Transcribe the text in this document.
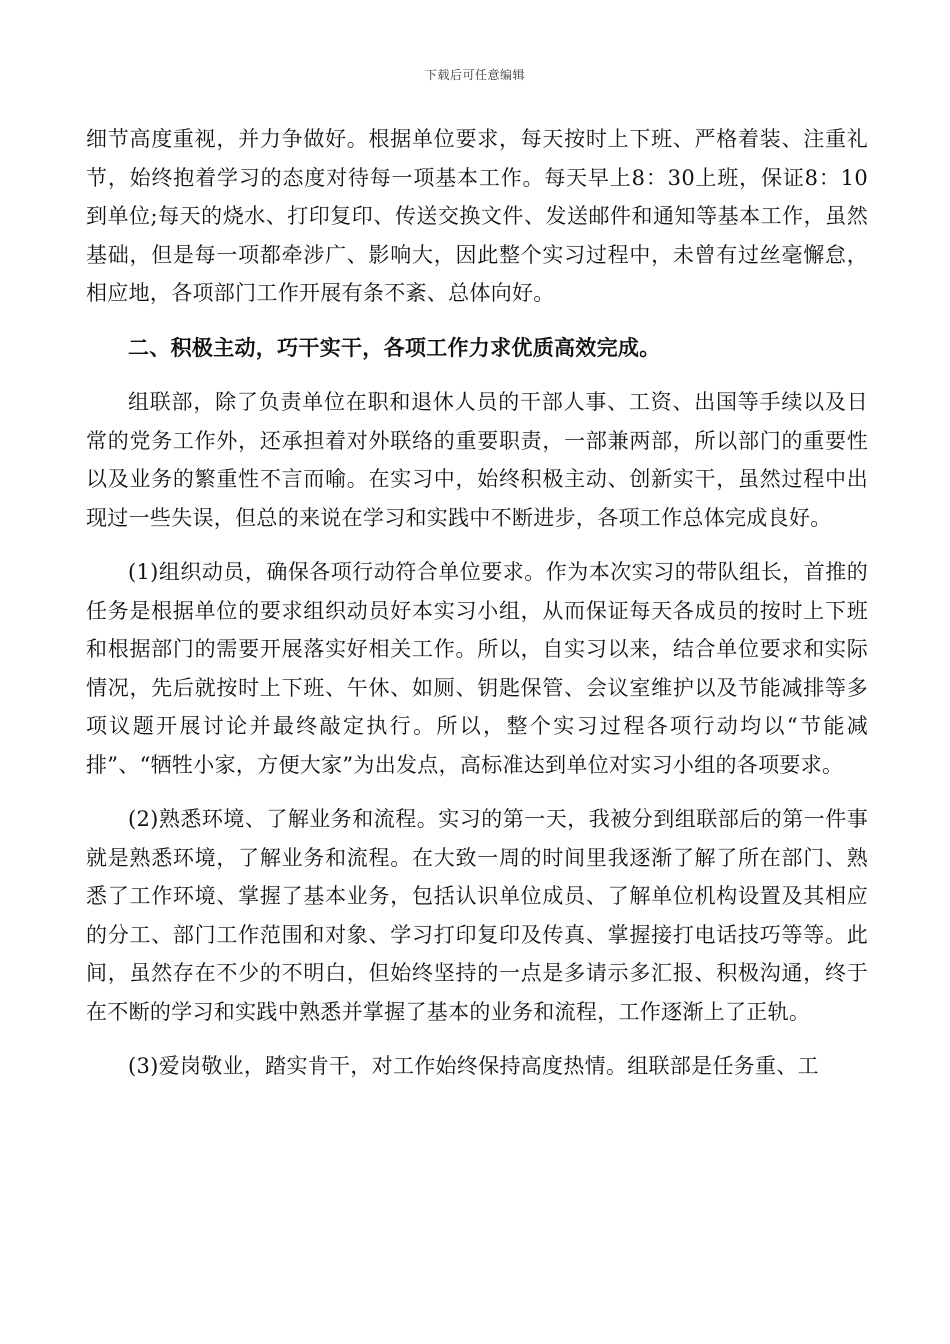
下载后可任意编辑

细节高度重视，并力争做好。根据单位要求，每天按时上下班、严格着装、注重礼节，始终抱着学习的态度对待每一项基本工作。每天早上8：30上班，保证8：10到单位;每天的烧水、打印复印、传送交换文件、发送邮件和通知等基本工作，虽然基础，但是每一项都牵涉广、影响大，因此整个实习过程中，未曾有过丝毫懈怠，相应地，各项部门工作开展有条不紊、总体向好。

二、积极主动，巧干实干，各项工作力求优质高效完成。

组联部，除了负责单位在职和退休人员的干部人事、工资、出国等手续以及日常的党务工作外，还承担着对外联络的重要职责，一部兼两部，所以部门的重要性以及业务的繁重性不言而喻。在实习中，始终积极主动、创新实干，虽然过程中出现过一些失误，但总的来说在学习和实践中不断进步，各项工作总体完成良好。

(1)组织动员，确保各项行动符合单位要求。作为本次实习的带队组长，首推的任务是根据单位的要求组织动员好本实习小组，从而保证每天各成员的按时上下班和根据部门的需要开展落实好相关工作。所以，自实习以来，结合单位要求和实际情况，先后就按时上下班、午休、如厕、钥匙保管、会议室维护以及节能减排等多项议题开展讨论并最终敲定执行。所以，整个实习过程各项行动均以“节能减排”、“牺牲小家，方便大家”为出发点，高标准达到单位对实习小组的各项要求。

(2)熟悉环境、了解业务和流程。实习的第一天，我被分到组联部后的第一件事就是熟悉环境，了解业务和流程。在大致一周的时间里我逐渐了解了所在部门、熟悉了工作环境、掌握了基本业务，包括认识单位成员、了解单位机构设置及其相应的分工、部门工作范围和对象、学习打印复印及传真、掌握接打电话技巧等等。此间，虽然存在不少的不明白，但始终坚持的一点是多请示多汇报、积极沟通，终于在不断的学习和实践中熟悉并掌握了基本的业务和流程，工作逐渐上了正轨。

(3)爱岗敬业，踏实肯干，对工作始终保持高度热情。组联部是任务重、工
